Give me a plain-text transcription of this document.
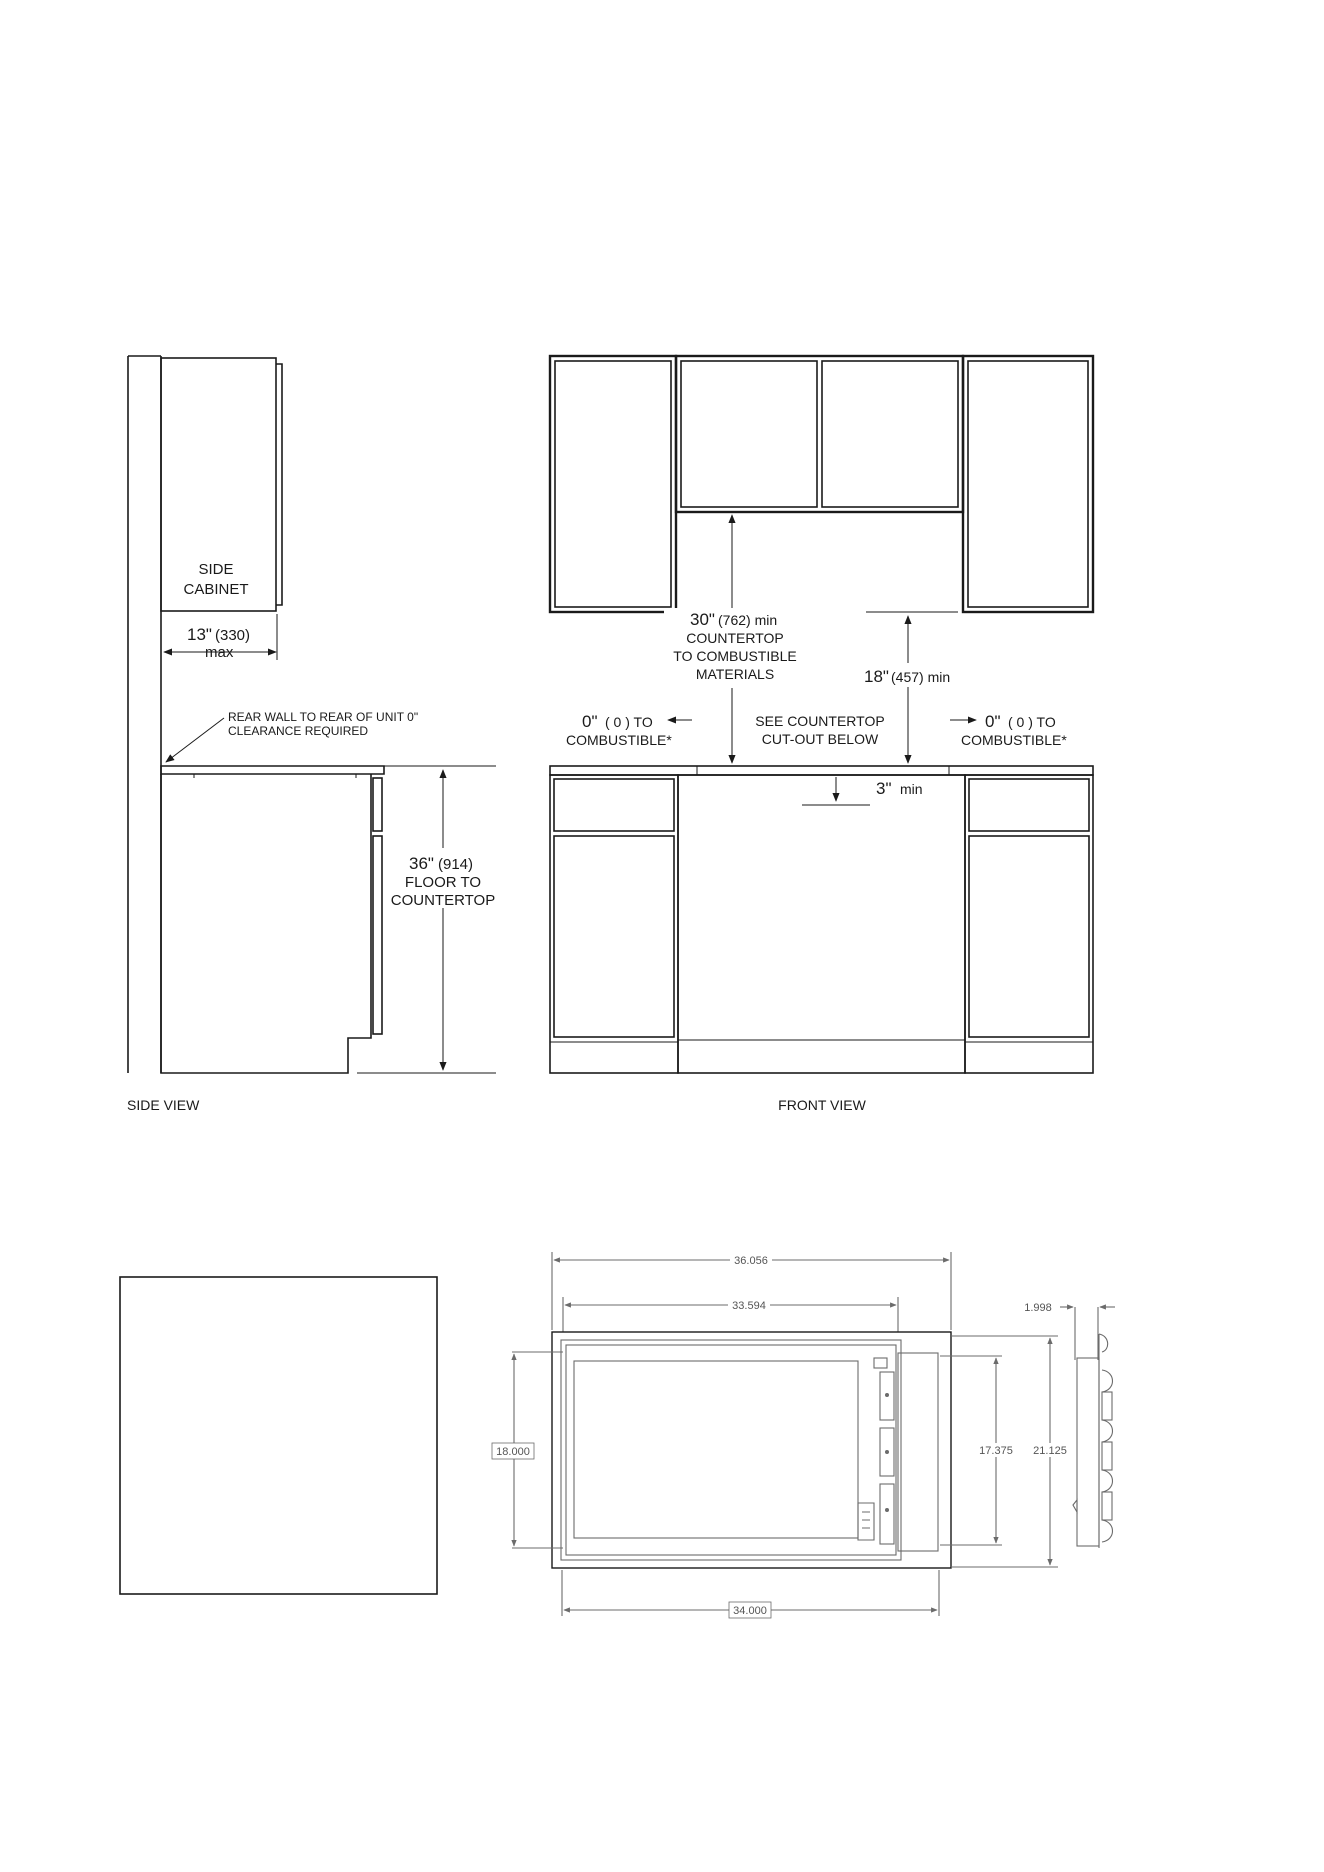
SIDE
CABINET
13" (330)
max
REAR WALL TO REAR OF UNIT 0"
CLEARANCE REQUIRED
36" (914)
FLOOR TO
COUNTERTOP
SIDE VIEW
30" (762) min
COUNTERTOP
TO COMBUSTIBLE
MATERIALS	18" (457) min
0" ( 0 ) TO
COMBUSTIBLE*
0" ( 0 ) TO
COMBUSTIBLE*
SEE COUNTERTOP
CUT-OUT BELOW
3" min
FRONT VIEW
36.056
33.594
18.000	17.375 21.125
34.000
1.998
